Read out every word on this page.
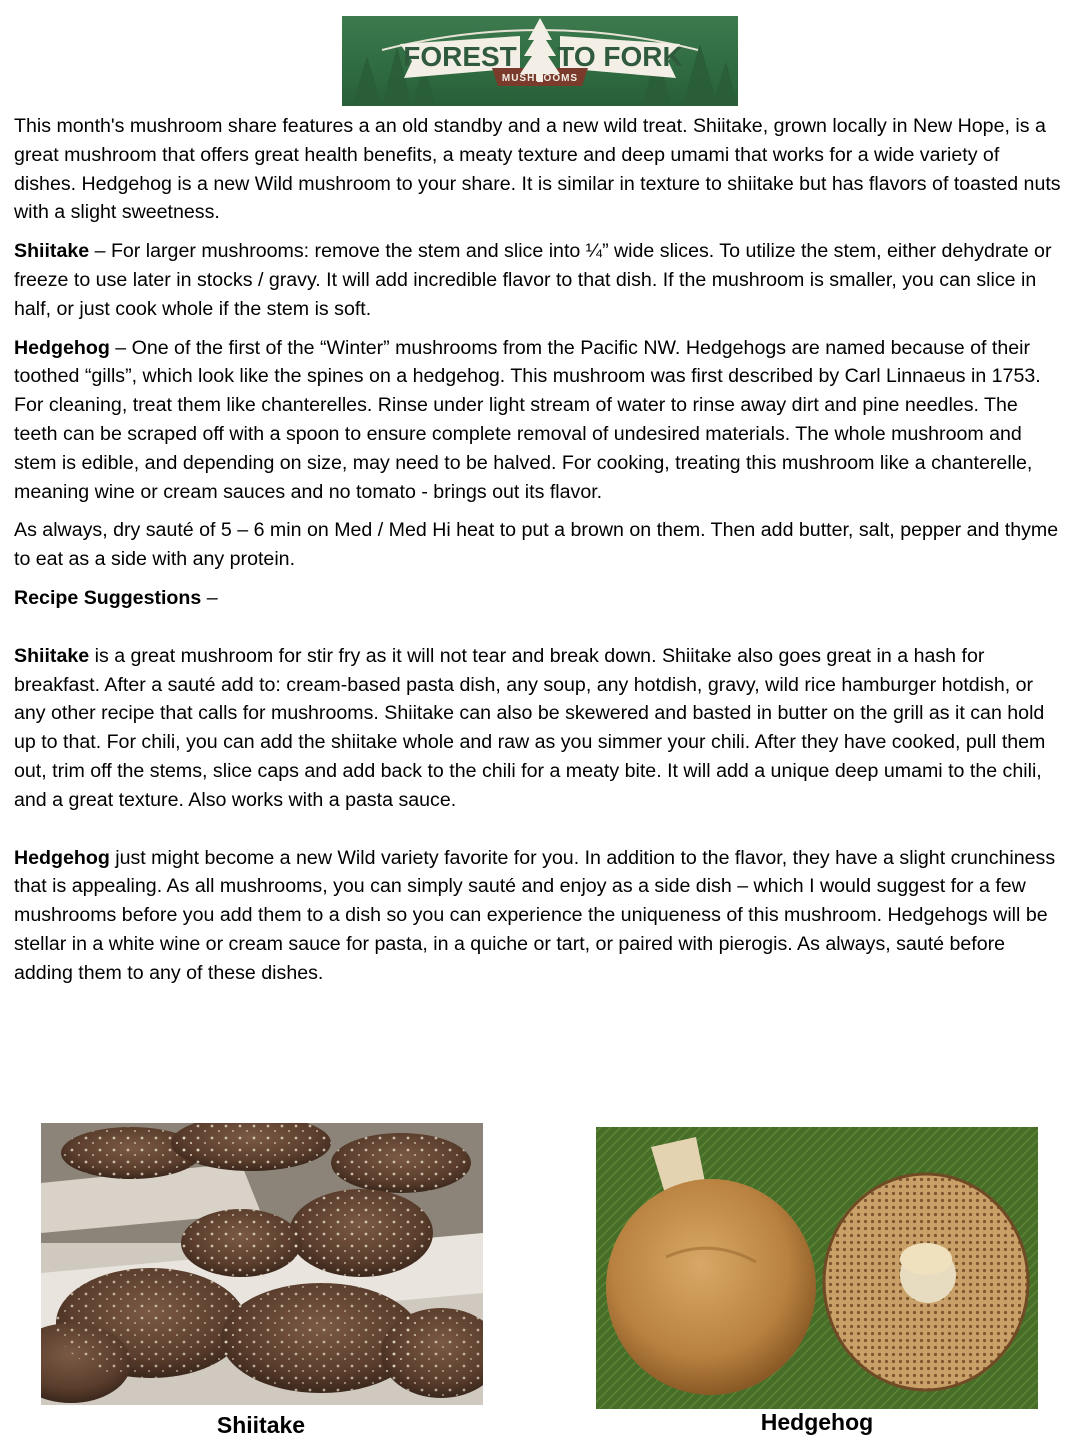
FOREST TO FORK
MUSHROOMS

This month's mushroom share features a an old standby and a new wild treat. Shiitake, grown locally in New Hope, is a great mushroom that offers great health benefits, a meaty texture and deep umami that works for a wide variety of dishes. Hedgehog is a new Wild mushroom to your share. It is similar in texture to shiitake but has flavors of toasted nuts with a slight sweetness.

Shiitake – For larger mushrooms: remove the stem and slice into ¼” wide slices. To utilize the stem, either dehydrate or freeze to use later in stocks / gravy. It will add incredible flavor to that dish. If the mushroom is smaller, you can slice in half, or just cook whole if the stem is soft.

Hedgehog – One of the first of the “Winter” mushrooms from the Pacific NW. Hedgehogs are named because of their toothed “gills”, which look like the spines on a hedgehog. This mushroom was first described by Carl Linnaeus in 1753. For cleaning, treat them like chanterelles. Rinse under light stream of water to rinse away dirt and pine needles. The teeth can be scraped off with a spoon to ensure complete removal of undesired materials. The whole mushroom and stem is edible, and depending on size, may need to be halved. For cooking, treating this mushroom like a chanterelle, meaning wine or cream sauces and no tomato - brings out its flavor.

As always, dry sauté of 5 – 6 min on Med / Med Hi heat to put a brown on them. Then add butter, salt, pepper and thyme to eat as a side with any protein.

Recipe Suggestions –

Shiitake is a great mushroom for stir fry as it will not tear and break down. Shiitake also goes great in a hash for breakfast. After a sauté add to: cream-based pasta dish, any soup, any hotdish, gravy, wild rice hamburger hotdish, or any other recipe that calls for mushrooms. Shiitake can also be skewered and basted in butter on the grill as it can hold up to that. For chili, you can add the shiitake whole and raw as you simmer your chili. After they have cooked, pull them out, trim off the stems, slice caps and add back to the chili for a meaty bite. It will add a unique deep umami to the chili, and a great texture. Also works with a pasta sauce.

Hedgehog just might become a new Wild variety favorite for you. In addition to the flavor, they have a slight crunchiness that is appealing. As all mushrooms, you can simply sauté and enjoy as a side dish – which I would suggest for a few mushrooms before you add them to a dish so you can experience the uniqueness of this mushroom. Hedgehogs will be stellar in a white wine or cream sauce for pasta, in a quiche or tart, or paired with pierogis. As always, sauté before adding them to any of these dishes.

Shiitake	Hedgehog
